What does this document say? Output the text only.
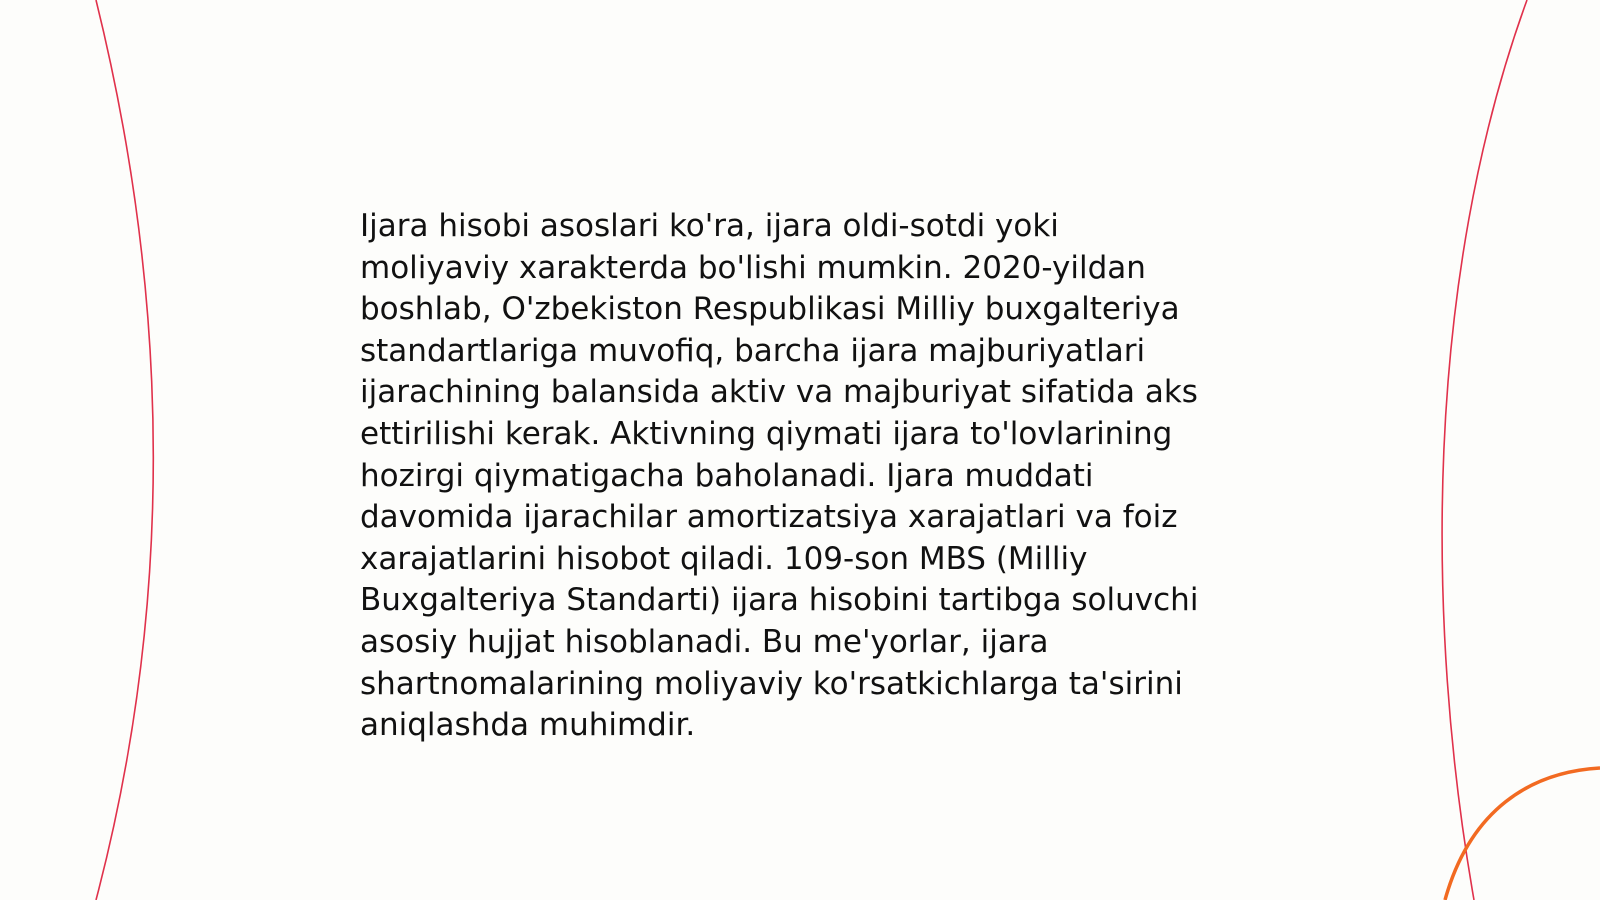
Ijara hisobi asoslari ko'ra, ijara oldi-sotdi yoki
moliyaviy xarakterda bo'lishi mumkin. 2020-yildan
boshlab, O'zbekiston Respublikasi Milliy buxgalteriya
standartlariga muvofiq, barcha ijara majburiyatlari
ijarachining balansida aktiv va majburiyat sifatida aks
ettirilishi kerak. Aktivning qiymati ijara to'lovlarining
hozirgi qiymatigacha baholanadi. Ijara muddati
davomida ijarachilar amortizatsiya xarajatlari va foiz
xarajatlarini hisobot qiladi. 109-son MBS (Milliy
Buxgalteriya Standarti) ijara hisobini tartibga soluvchi
asosiy hujjat hisoblanadi. Bu me'yorlar, ijara
shartnomalarining moliyaviy ko'rsatkichlarga ta'sirini
aniqlashda muhimdir.
